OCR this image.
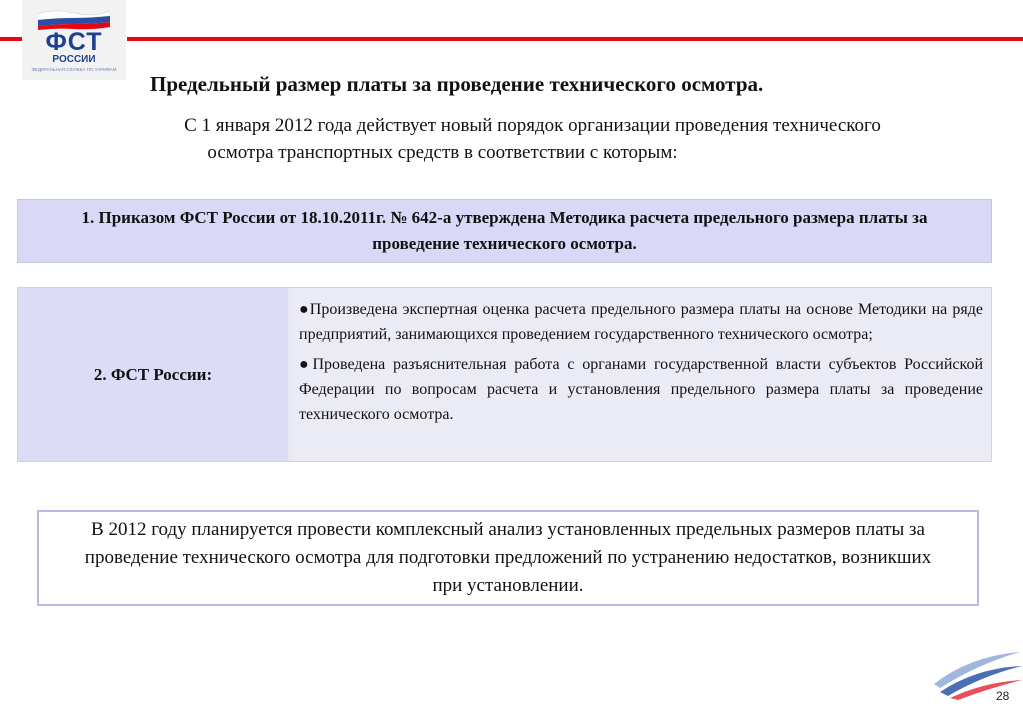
ФСТ
РОССИИ
ФЕДЕРАЛЬНАЯ СЛУЖБА ПО ТАРИФАМ
Предельный размер платы за проведение технического осмотра.
С 1 января 2012 года действует новый порядок организации проведения технического
осмотра транспортных средств в соответствии с которым:
1. Приказом ФСТ России от 18.10.2011г. № 642-а утверждена Методика расчета предельного размера платы за проведение технического осмотра.
2. ФСТ России:
●Произведена экспертная оценка расчета предельного размера платы на основе Методики на ряде предприятий, занимающихся проведением государственного технического осмотра;
●Проведена разъяснительная работа с органами государственной власти субъектов Российской Федерации по вопросам расчета и установления предельного размера платы за проведение технического осмотра.
В 2012 году планируется провести комплексный анализ установленных предельных размеров платы за проведение технического осмотра для подготовки предложений по устранению недостатков, возникших при установлении.
28
